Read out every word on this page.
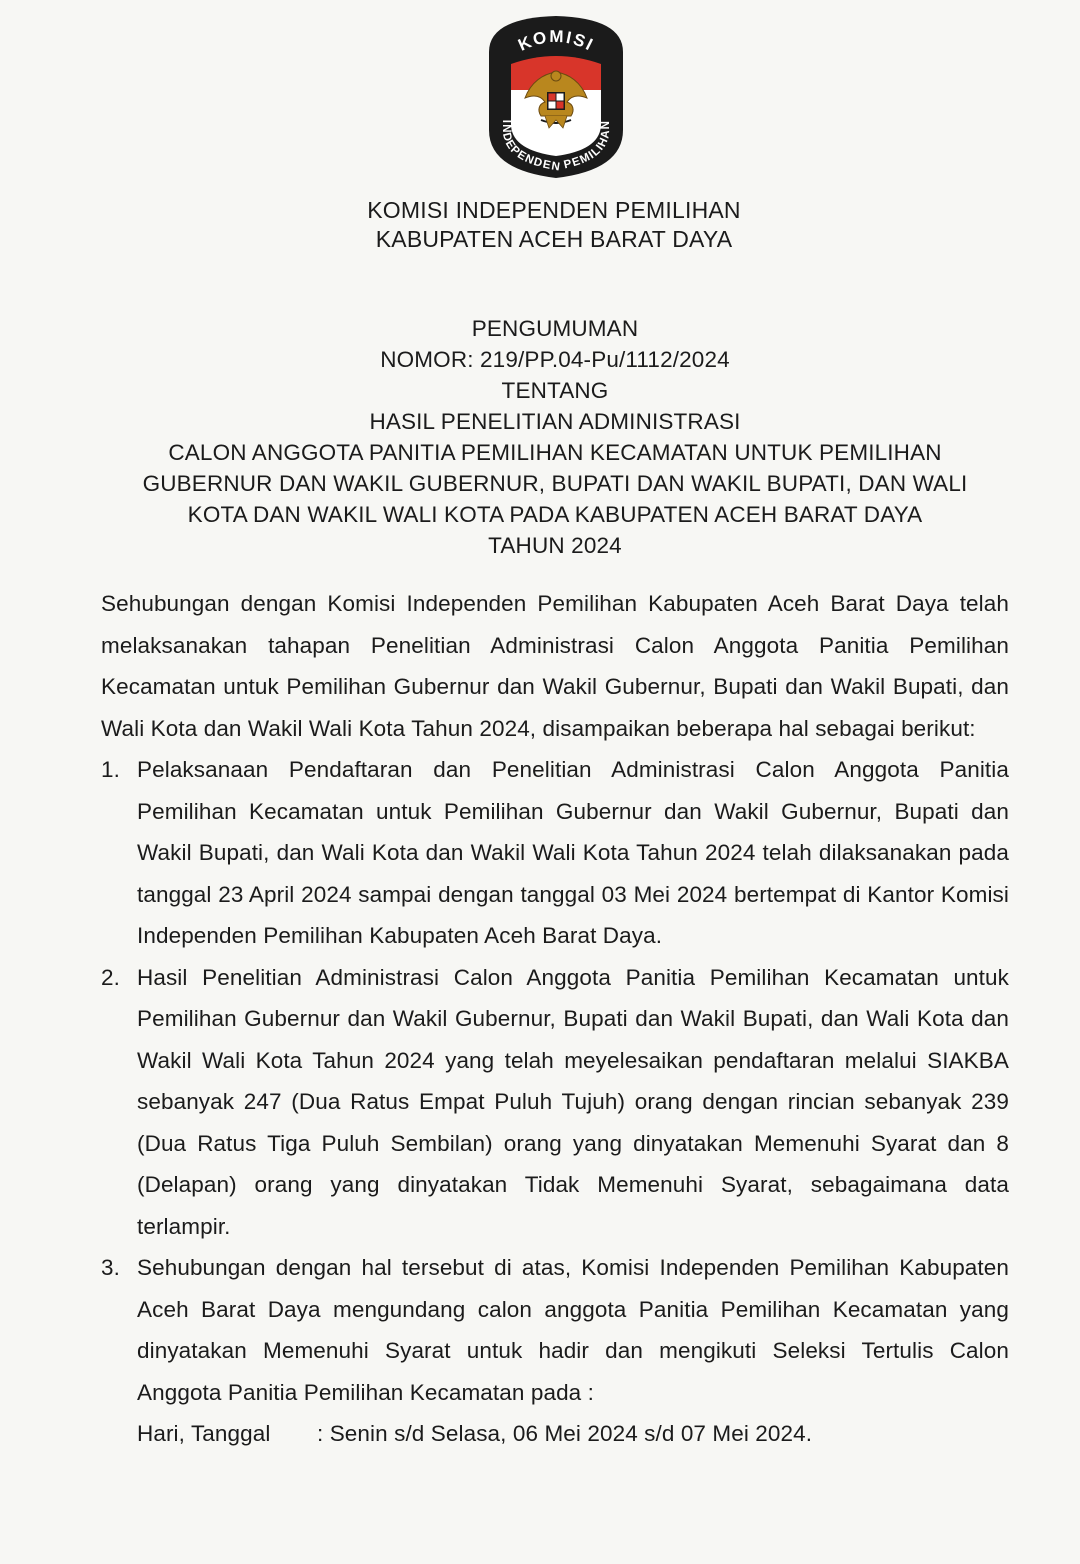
KOMISI
INDEPENDEN PEMILIHAN
KOMISI INDEPENDEN PEMILIHAN
KABUPATEN ACEH BARAT DAYA
PENGUMUMAN
NOMOR: 219/PP.04-Pu/1112/2024
TENTANG
HASIL PENELITIAN ADMINISTRASI
CALON ANGGOTA PANITIA PEMILIHAN KECAMATAN UNTUK PEMILIHAN
GUBERNUR DAN WAKIL GUBERNUR, BUPATI DAN WAKIL BUPATI, DAN WALI
KOTA DAN WAKIL WALI KOTA PADA KABUPATEN ACEH BARAT DAYA
TAHUN 2024

Sehubungan dengan Komisi Independen Pemilihan Kabupaten Aceh Barat Daya telah melaksanakan tahapan Penelitian Administrasi Calon Anggota Panitia Pemilihan Kecamatan untuk Pemilihan Gubernur dan Wakil Gubernur, Bupati dan Wakil Bupati, dan Wali Kota dan Wakil Wali Kota Tahun 2024, disampaikan beberapa hal sebagai berikut:

1. Pelaksanaan Pendaftaran dan Penelitian Administrasi Calon Anggota Panitia Pemilihan Kecamatan untuk Pemilihan Gubernur dan Wakil Gubernur, Bupati dan Wakil Bupati, dan Wali Kota dan Wakil Wali Kota Tahun 2024 telah dilaksanakan pada tanggal 23 April 2024 sampai dengan tanggal 03 Mei 2024 bertempat di Kantor Komisi Independen Pemilihan Kabupaten Aceh Barat Daya.
2. Hasil Penelitian Administrasi Calon Anggota Panitia Pemilihan Kecamatan untuk Pemilihan Gubernur dan Wakil Gubernur, Bupati dan Wakil Bupati, dan Wali Kota dan Wakil Wali Kota Tahun 2024 yang telah meyelesaikan pendaftaran melalui SIAKBA sebanyak 247 (Dua Ratus Empat Puluh Tujuh) orang dengan rincian sebanyak 239 (Dua Ratus Tiga Puluh Sembilan) orang yang dinyatakan Memenuhi Syarat dan 8 (Delapan) orang yang dinyatakan Tidak Memenuhi Syarat, sebagaimana data terlampir.
3. Sehubungan dengan hal tersebut di atas, Komisi Independen Pemilihan Kabupaten Aceh Barat Daya mengundang calon anggota Panitia Pemilihan Kecamatan yang dinyatakan Memenuhi Syarat untuk hadir dan mengikuti Seleksi Tertulis Calon Anggota Panitia Pemilihan Kecamatan pada :
Hari, Tanggal	: Senin s/d Selasa, 06 Mei 2024 s/d 07 Mei 2024.
